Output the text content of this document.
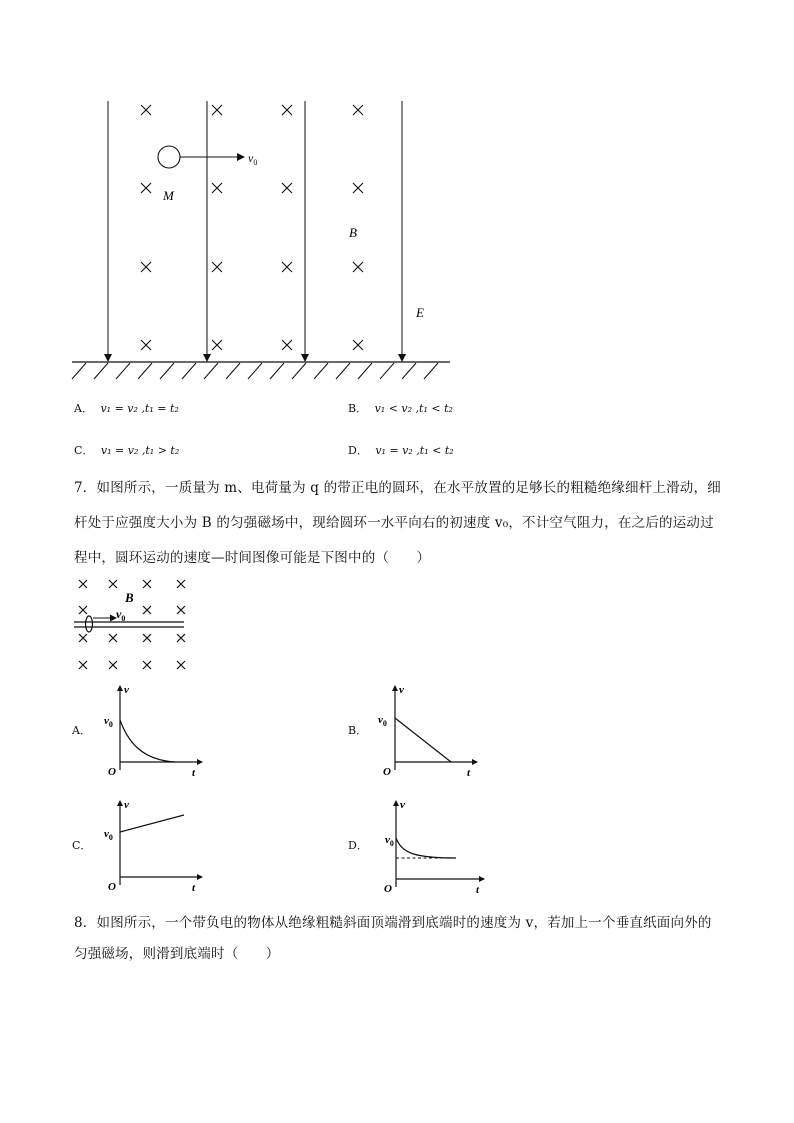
$v_0$
M
B
E
A． v₁ = v₂ ,t₁ = t₂	B． v₁ < v₂ ,t₁ < t₂
C． v₁ = v₂ ,t₁ > t₂	D． v₁ = v₂ ,t₁ < t₂
7．如图所示，一质量为 m、电荷量为 q 的带正电的圆环，在水平放置的足够长的粗糙绝缘细杆上滑动，细
杆处于应强度大小为 B 的匀强磁场中，现给圆环一水平向右的初速度 v₀，不计空气阻力，在之后的运动过
程中，圆环运动的速度—时间图像可能是下图中的（　　）
$v_0$
B
A．	B．
C．	D．
v
t
O
$v_0$
v
t
O
$v_0$
v
t
O
$v_0$
v
t
O
$v_0$
8．如图所示，一个带负电的物体从绝缘粗糙斜面顶端滑到底端时的速度为 v，若加上一个垂直纸面向外的
匀强磁场，则滑到底端时（　　）
